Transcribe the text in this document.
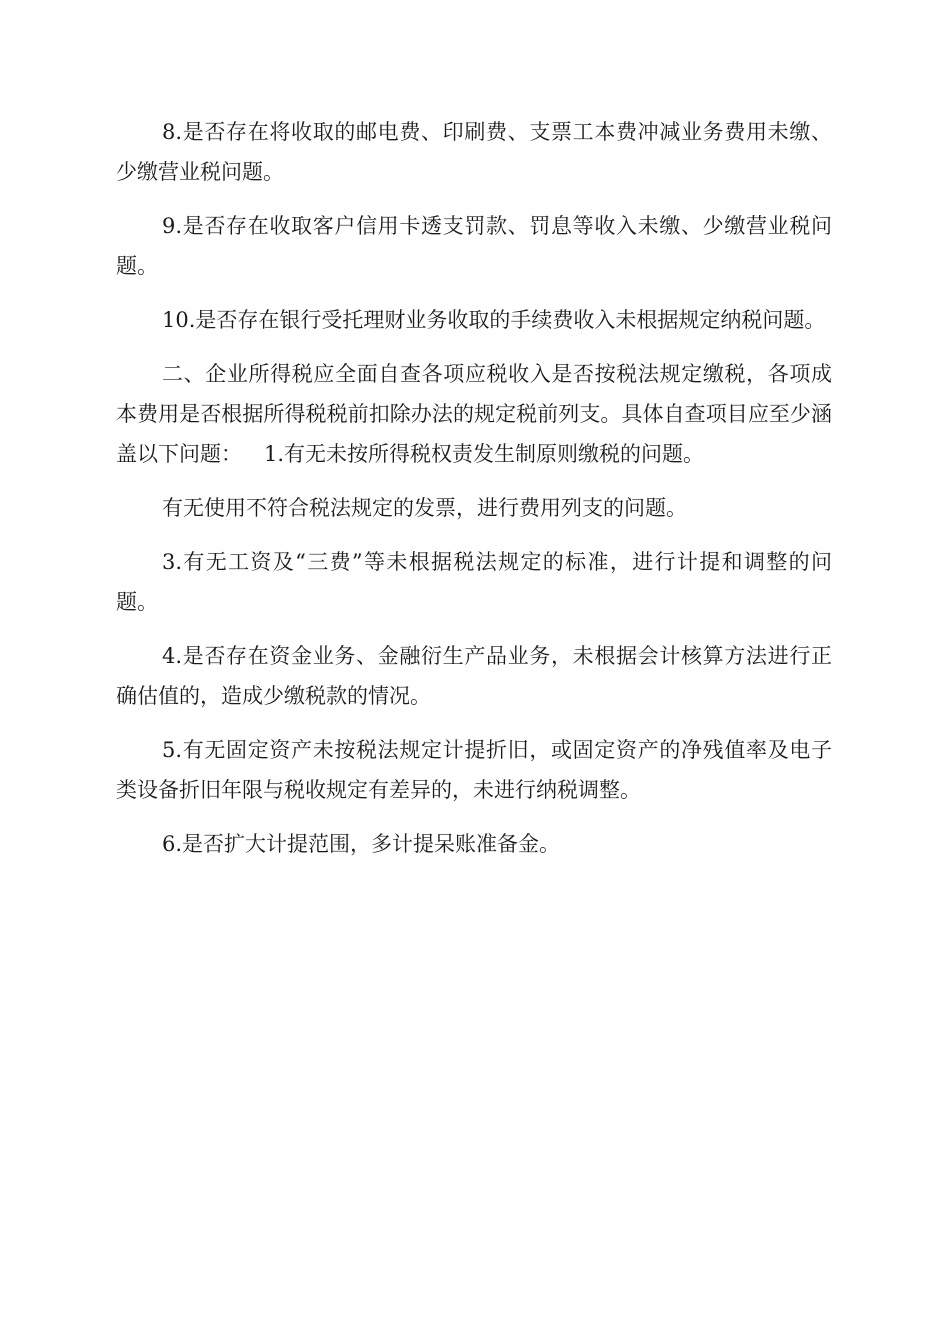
8.是否存在将收取的邮电费、印刷费、支票工本费冲减业务费用未缴、少缴营业税问题。

9.是否存在收取客户信用卡透支罚款、罚息等收入未缴、少缴营业税问题。

10.是否存在银行受托理财业务收取的手续费收入未根据规定纳税问题。

二、企业所得税应全面自查各项应税收入是否按税法规定缴税，各项成本费用是否根据所得税税前扣除办法的规定税前列支。具体自查项目应至少涵盖以下问题： 1.有无未按所得税权责发生制原则缴税的问题。

有无使用不符合税法规定的发票，进行费用列支的问题。

3.有无工资及“三费”等未根据税法规定的标准，进行计提和调整的问题。

4.是否存在资金业务、金融衍生产品业务，未根据会计核算方法进行正确估值的，造成少缴税款的情况。

5.有无固定资产未按税法规定计提折旧，或固定资产的净残值率及电子类设备折旧年限与税收规定有差异的，未进行纳税调整。

6.是否扩大计提范围，多计提呆账准备金。
